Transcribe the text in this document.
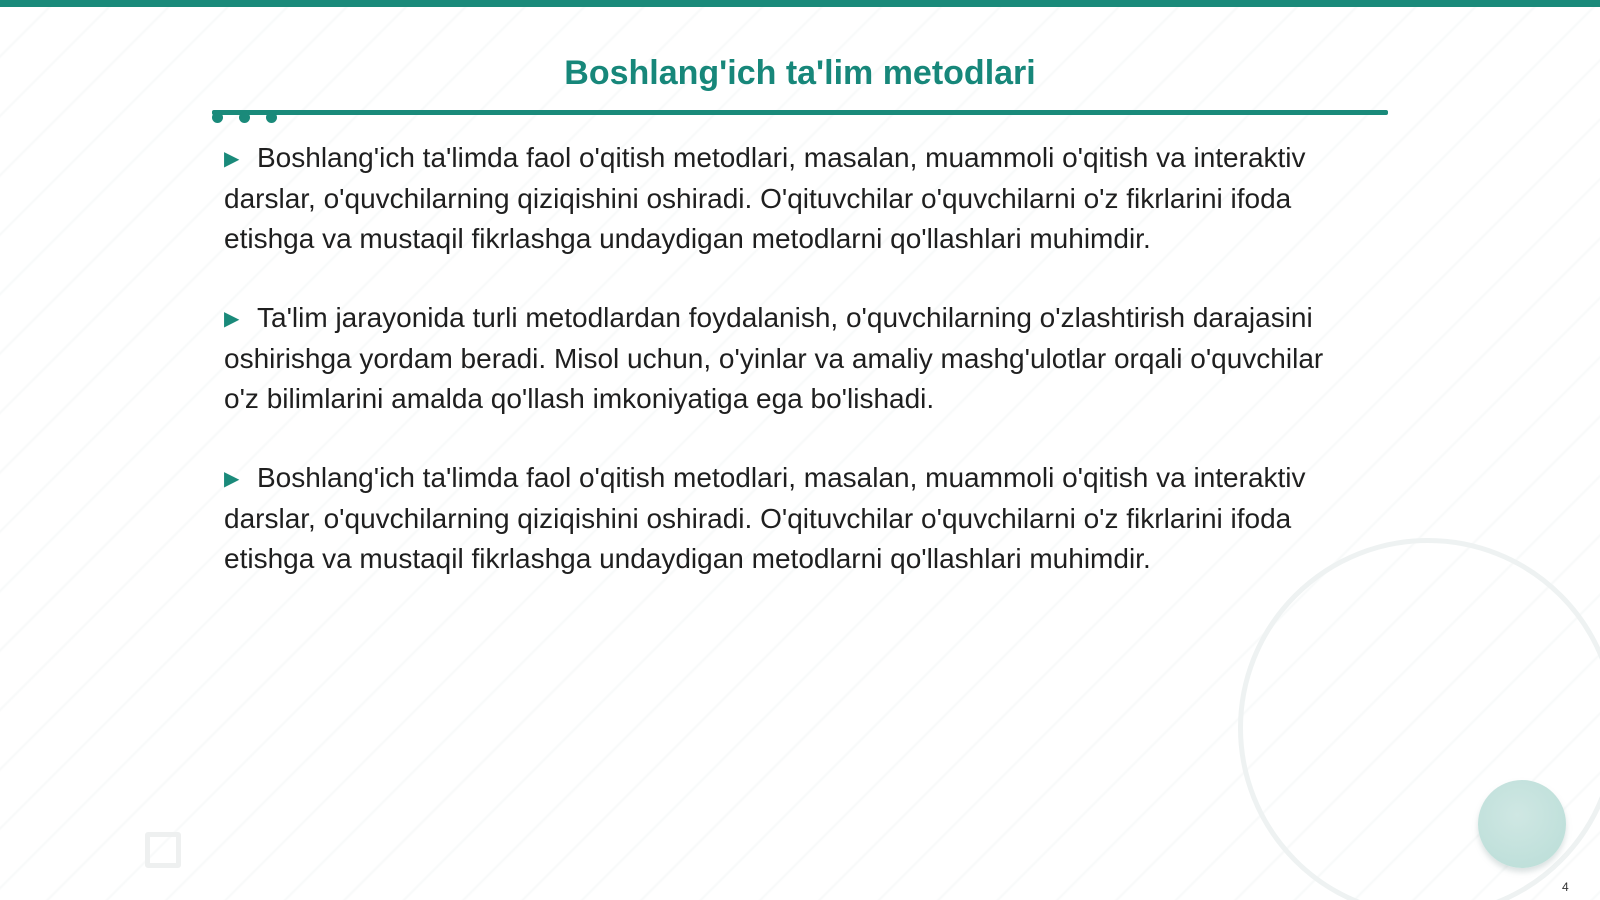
Boshlang'ich ta'lim metodlari

▶ Boshlang'ich ta'limda faol o'qitish metodlari, masalan, muammoli o'qitish va interaktiv darslar, o'quvchilarning qiziqishini oshiradi. O'qituvchilar o'quvchilarni o'z fikrlarini ifoda etishga va mustaqil fikrlashga undaydigan metodlarni qo'llashlari muhimdir.

▶ Ta'lim jarayonida turli metodlardan foydalanish, o'quvchilarning o'zlashtirish darajasini oshirishga yordam beradi. Misol uchun, o'yinlar va amaliy mashg'ulotlar orqali o'quvchilar o'z bilimlarini amalda qo'llash imkoniyatiga ega bo'lishadi.

▶ Boshlang'ich ta'limda faol o'qitish metodlari, masalan, muammoli o'qitish va interaktiv darslar, o'quvchilarning qiziqishini oshiradi. O'qituvchilar o'quvchilarni o'z fikrlarini ifoda etishga va mustaqil fikrlashga undaydigan metodlarni qo'llashlari muhimdir.

4
